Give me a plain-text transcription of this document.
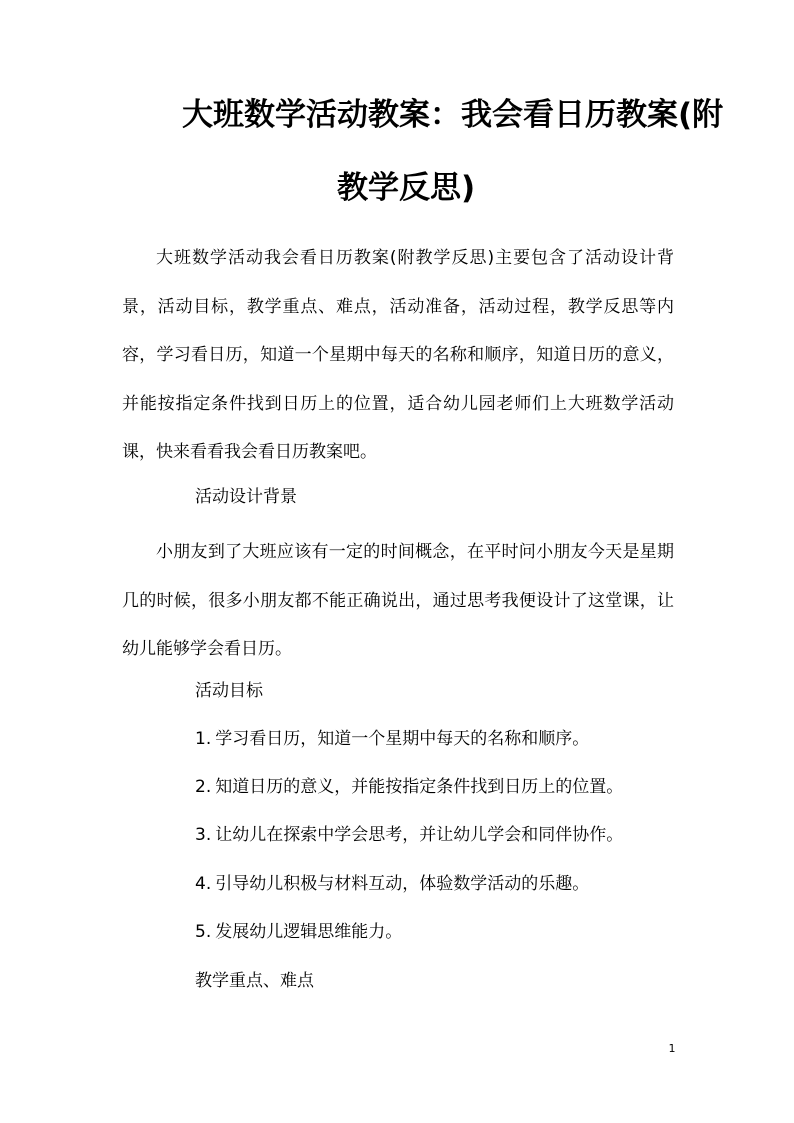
大班数学活动教案：我会看日历教案(附
教学反思)
大班数学活动我会看日历教案(附教学反思)主要包含了活动设计背景，活动目标，教学重点、难点，活动准备，活动过程，教学反思等内容，学习看日历，知道一个星期中每天的名称和顺序，知道日历的意义，并能按指定条件找到日历上的位置，适合幼儿园老师们上大班数学活动课，快来看看我会看日历教案吧。
活动设计背景
小朋友到了大班应该有一定的时间概念，在平时问小朋友今天是星期几的时候，很多小朋友都不能正确说出，通过思考我便设计了这堂课，让幼儿能够学会看日历。
活动目标
1. 学习看日历，知道一个星期中每天的名称和顺序。
2. 知道日历的意义，并能按指定条件找到日历上的位置。
3. 让幼儿在探索中学会思考，并让幼儿学会和同伴协作。
4. 引导幼儿积极与材料互动，体验数学活动的乐趣。
5. 发展幼儿逻辑思维能力。
教学重点、难点
1
